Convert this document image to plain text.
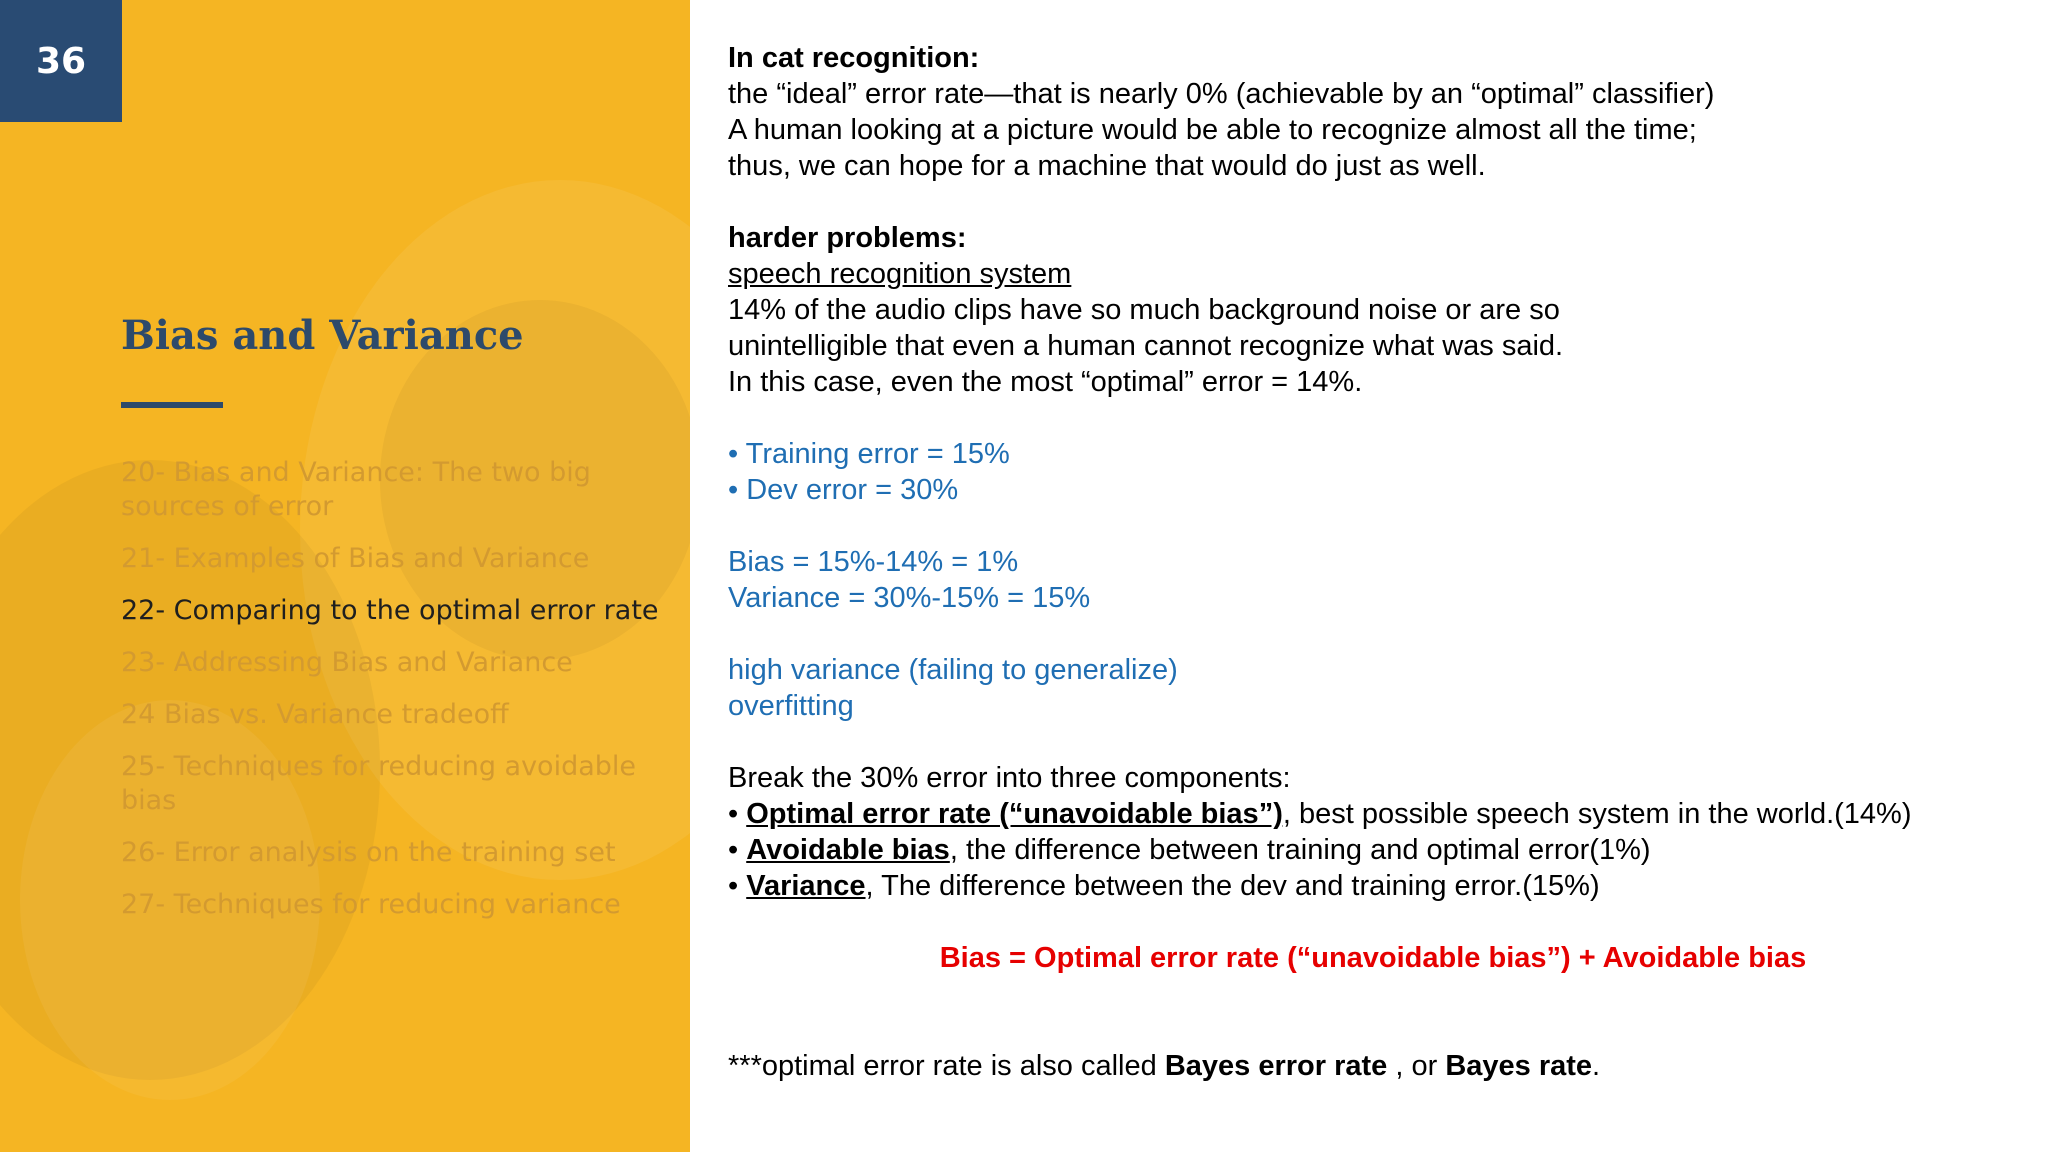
36
Bias and Variance
20- Bias and Variance: The two big sources of error
21- Examples of Bias and Variance
22- Comparing to the optimal error rate
23- Addressing Bias and Variance
24 Bias vs. Variance tradeoff
25- Techniques for reducing avoidable bias
26- Error analysis on the training set
27- Techniques for reducing variance

In cat recognition:

the “ideal” error rate—that is nearly 0% (achievable by an “optimal” classifier)

A human looking at a picture would be able to recognize almost all the time;

thus, we can hope for a machine that would do just as well.

harder problems:

speech recognition system

14% of the audio clips have so much background noise or are so

unintelligible that even a human cannot recognize what was said.

In this case, even the most “optimal” error = 14%.

• Training error = 15%

• Dev error = 30%

Bias = 15%-14% = 1%

Variance = 30%-15% = 15%

high variance (failing to generalize)

overfitting

Break the 30% error into three components:

• Optimal error rate (“unavoidable bias”), best possible speech system in the world.(14%)

• Avoidable bias, the difference between training and optimal error(1%)

• Variance, The difference between the dev and training error.(15%)

Bias = Optimal error rate (“unavoidable bias”) + Avoidable bias

***optimal error rate is also called Bayes error rate , or Bayes rate.
